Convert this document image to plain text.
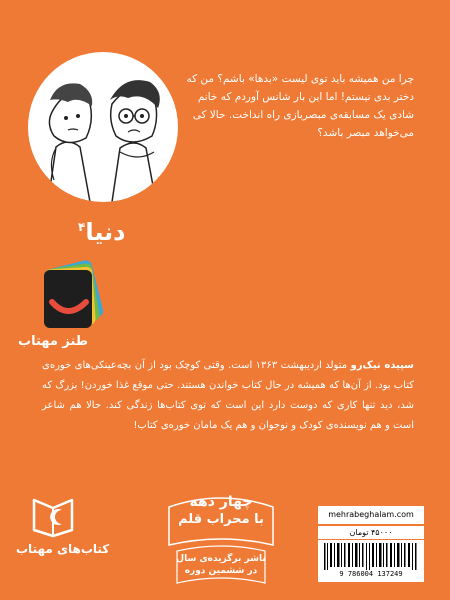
چرا من همیشه باید توی لیست «بدها» باشم؟ من که دختر بدی نیستم! اما این بار شانس آوردم که خانم شادی یک مسابقه‌ی مبصربازی راه انداخت. حالا کی می‌خواهد مبصر باشد؟

دنیا$^۴$
طنز مهتاب

سپیده نیک‌رو متولد اردیبهشت ۱۳۶۳ است. وقتی کوچک بود از آن بچه‌عینکی‌های خوره‌ی کتاب بود. از آن‌ها که همیشه در حال کتاب خواندن هستند. حتی موقع غذا خوردن! بزرگ که شد، دید تنها کاری که دوست دارد این است که توی کتاب‌ها زندگی کند. حالا هم شاعر است و هم نویسنده‌ی کودک و نوجوان و هم یک مامان خوره‌ی کتاب!

کتاب‌های مهتاب
چهار دهه
با محراب قلم
ناشر برگزیده‌ی سال
در ششمین دوره
mehrabeghalam.com
۴۵۰۰۰ تومان
9 786004 137249
